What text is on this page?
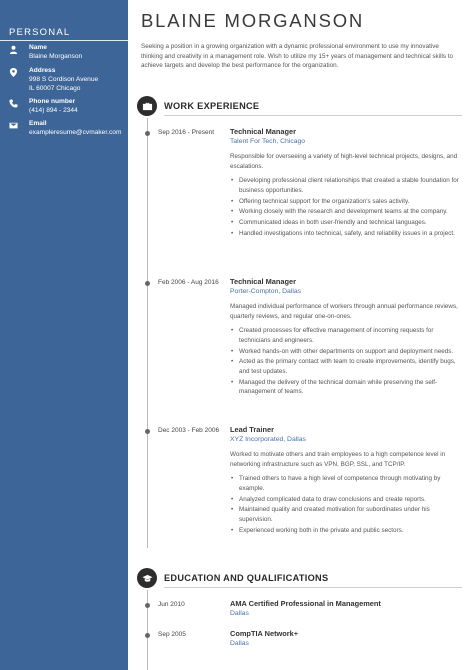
PERSONAL
Name
Blaine Morganson
Address
998 S Cordison Avenue
IL 60007 Chicago
Phone number
(414) 894 - 2344
Email
exampleresume@cvmaker.com
BLAINE MORGANSON
Seeking a position in a growing organization with a dynamic professional environment to use my innovative thinking and creativity in a management role. Wish to utilize my 15+ years of management and technical skills to achieve targets and develop the best performance for the organization.
WORK EXPERIENCE
Sep 2016 - Present Technical Manager
Talent For Tech, Chicago
Responsible for overseeing a variety of high-level technical projects, designs, and escalations.
• Developing professional client relationships that created a stable foundation for business opportunities.
• Offering technical support for the organization's sales activity.
• Working closely with the research and development teams at the company.
• Communicated ideas in both user-friendly and technical languages.
• Handled investigations into technical, safety, and reliability issues in a project.
Feb 2006 - Aug 2016 Technical Manager
Porter-Compton, Dallas
Managed individual performance of workers through annual performance reviews, quarterly reviews, and regular one-on-ones.
• Created processes for effective management of incoming requests for technicians and engineers.
• Worked hands-on with other departments on support and deployment needs.
• Acted as the primary contact with team to create improvements, identify bugs, and test updates.
• Managed the delivery of the technical domain while preserving the self-management of teams.
Dec 2003 - Feb 2006 Lead Trainer
XYZ Incorporated, Dallas
Worked to motivate others and train employees to a high competence level in networking infrastructure such as VPN, BGP, SSL, and TCP/IP.
• Trained others to have a high level of competence through motivating by example.
• Analyzed complicated data to draw conclusions and create reports.
• Maintained quality and created motivation for subordinates under his supervision.
• Experienced working both in the private and public sectors.
EDUCATION AND QUALIFICATIONS
Jun 2010	AMA Certified Professional in Management
Dallas
Sep 2005	CompTIA Network+
Dallas
